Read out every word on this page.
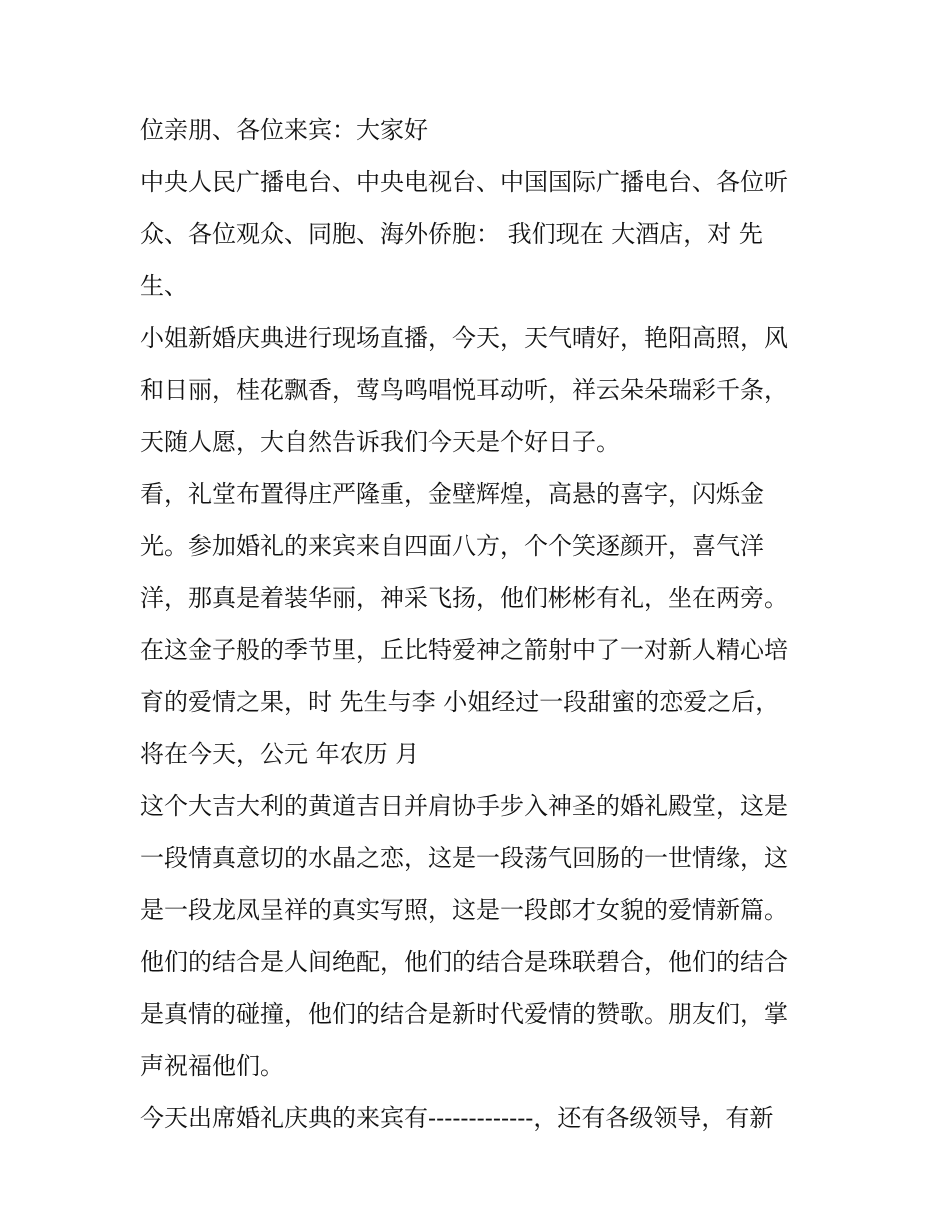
位亲朋、各位来宾：大家好
中央人民广播电台、中央电视台、中国国际广播电台、各位听
众、各位观众、同胞、海外侨胞： 我们现在 大酒店，对 先
生、
小姐新婚庆典进行现场直播，今天，天气晴好，艳阳高照，风
和日丽，桂花飘香，莺鸟鸣唱悦耳动听，祥云朵朵瑞彩千条，
天随人愿，大自然告诉我们今天是个好日子。
看，礼堂布置得庄严隆重，金壁辉煌，高悬的喜字，闪烁金
光。参加婚礼的来宾来自四面八方，个个笑逐颜开，喜气洋
洋，那真是着装华丽，神采飞扬，他们彬彬有礼，坐在两旁。
在这金子般的季节里，丘比特爱神之箭射中了一对新人精心培
育的爱情之果，时 先生与李 小姐经过一段甜蜜的恋爱之后，
将在今天，公元 年农历 月
这个大吉大利的黄道吉日并肩协手步入神圣的婚礼殿堂，这是
一段情真意切的水晶之恋，这是一段荡气回肠的一世情缘，这
是一段龙凤呈祥的真实写照，这是一段郎才女貌的爱情新篇。
他们的结合是人间绝配，他们的结合是珠联碧合，他们的结合
是真情的碰撞，他们的结合是新时代爱情的赞歌。朋友们，掌
声祝福他们。
今天出席婚礼庆典的来宾有-------------，还有各级领导，有新
